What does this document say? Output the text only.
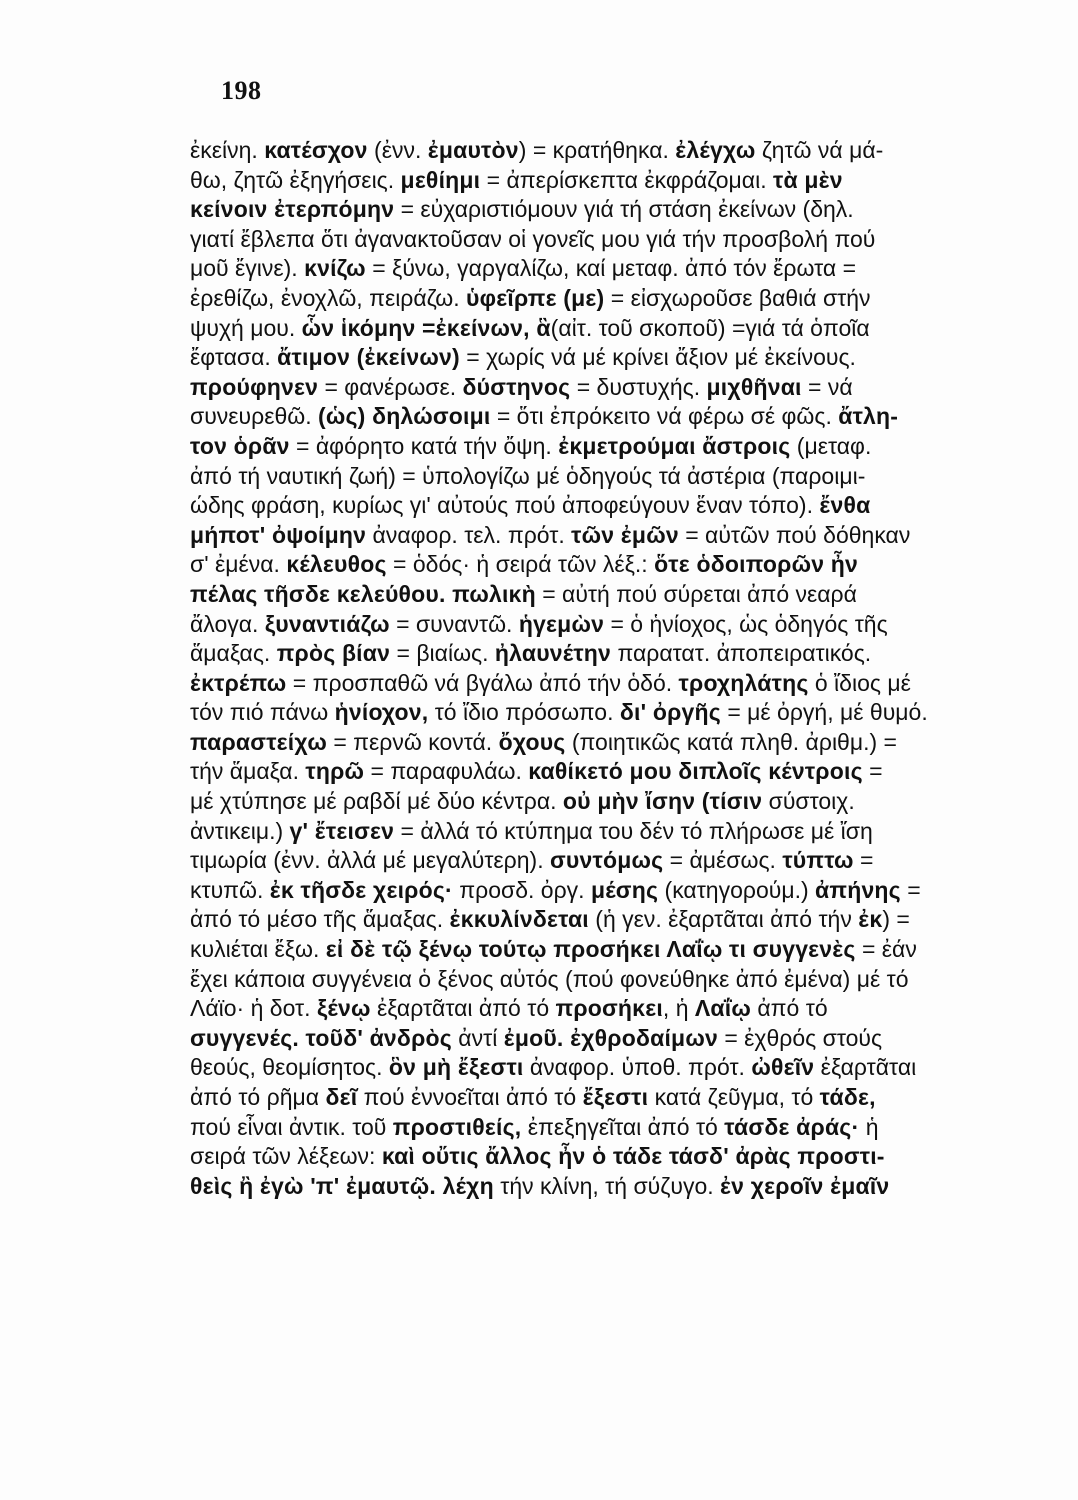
198
ἐκείνη. κατέσχον (ἐνν. ἐμαυτὸν) = κρατήθηκα. ἐλέγχω ζητῶ νά μά-
θω, ζητῶ ἐξηγήσεις. μεθίημι = ἀπερίσκεπτα ἐκφράζομαι. τὰ μὲν
κείνοιν ἐτερπόμην = εὐχαριστιόμουν γιά τή στάση ἐκείνων (δηλ.
γιατί ἔβλεπα ὅτι ἀγανακτοῦσαν οἱ γονεῖς μου γιά τήν προσβολή πού
μοῦ ἔγινε). κνίζω = ξύνω, γαργαλίζω, καί μεταφ. ἀπό τόν ἔρωτα =
ἐρεθίζω, ἐνοχλῶ, πειράζω. ὑφεῖρπε (με) = εἰσχωροῦσε βαθιά στήν
ψυχή μου. ὧν ἱκόμην =ἐκείνων, ἃ(αἰτ. τοῦ σκοποῦ) =γιά τά ὁποῖα
ἔφτασα. ἄτιμον (ἐκείνων) = χωρίς νά μέ κρίνει ἄξιον μέ ἐκείνους.
προύφηνεν = φανέρωσε. δύστηνος = δυστυχής. μιχθῆναι = νά
συνευρεθῶ. (ὡς) δηλώσοιμι = ὅτι ἐπρόκειτο νά φέρω σέ φῶς. ἄτλη-
τον ὁρᾶν = ἀφόρητο κατά τήν ὄψη. ἐκμετρούμαι ἄστροις (μεταφ.
ἀπό τή ναυτική ζωή) = ὑπολογίζω μέ ὁδηγούς τά ἀστέρια (παροιμι-
ώδης φράση, κυρίως γι' αὐτούς πού ἀποφεύγουν ἕναν τόπο). ἔνθα
μήποτ' ὀψοίμην ἀναφορ. τελ. πρότ. τῶν ἐμῶν = αὐτῶν πού δόθηκαν
σ' ἐμένα. κέλευθος = ὁδός· ἡ σειρά τῶν λέξ.: ὅτε ὁδοιπορῶν ἦν
πέλας τῆσδε κελεύθου. πωλικὴ = αὐτή πού σύρεται ἀπό νεαρά
ἄλογα. ξυναντιάζω = συναντῶ. ἡγεμὼν = ὁ ἡνίοχος, ὡς ὁδηγός τῆς
ἅμαξας. πρὸς βίαν = βιαίως. ἠλαυνέτην παρατατ. ἀποπειρατικός.
ἐκτρέπω = προσπαθῶ νά βγάλω ἀπό τήν ὁδό. τροχηλάτης ὁ ἴδιος μέ
τόν πιό πάνω ἡνίοχον, τό ἴδιο πρόσωπο. δι' ὀργῆς = μέ ὀργή, μέ θυμό.
παραστείχω = περνῶ κοντά. ὄχους (ποιητικῶς κατά πληθ. ἀριθμ.) =
τήν ἅμαξα. τηρῶ = παραφυλάω. καθίκετό μου διπλοῖς κέντροις =
μέ χτύπησε μέ ραβδί μέ δύο κέντρα. οὐ μὴν ἴσην (τίσιν σύστοιχ.
ἀντικειμ.) γ' ἔτεισεν = ἀλλά τό κτύπημα του δέν τό πλήρωσε μέ ἴση
τιμωρία (ἐνν. ἀλλά μέ μεγαλύτερη). συντόμως = ἀμέσως. τύπτω =
κτυπῶ. ἐκ τῆσδε χειρός· προσδ. ὀργ. μέσης (κατηγορούμ.) ἀπήνης =
ἀπό τό μέσο τῆς ἅμαξας. ἐκκυλίνδεται (ἡ γεν. ἐξαρτᾶται ἀπό τήν ἐκ) =
κυλιέται ἔξω. εἰ δὲ τῷ ξένῳ τούτῳ προσήκει Λαΐῳ τι συγγενὲς = ἐάν
ἔχει κάποια συγγένεια ὁ ξένος αὐτός (πού φονεύθηκε ἀπό ἐμένα) μέ τό
Λάϊο· ἡ δοτ. ξένῳ ἐξαρτᾶται ἀπό τό προσήκει, ἡ Λαΐῳ ἀπό τό
συγγενές. τοῦδ' ἀνδρὸς ἀντί ἐμοῦ. ἐχθροδαίμων = ἐχθρός στούς
θεούς, θεομίσητος. ὃν μὴ ἔξεστι ἀναφορ. ὑποθ. πρότ. ὠθεῖν ἐξαρτᾶται
ἀπό τό ρῆμα δεῖ πού ἐννοεῖται ἀπό τό ἔξεστι κατά ζεῦγμα, τό τάδε,
πού εἶναι ἀντικ. τοῦ προστιθείς, ἐπεξηγεῖται ἀπό τό τάσδε ἀράς· ἡ
σειρά τῶν λέξεων: καὶ οὔτις ἄλλος ἦν ὁ τάδε τάσδ' ἀρὰς προστι-
θεὶς ἢ ἐγὼ 'π' ἐμαυτῷ. λέχη τήν κλίνη, τή σύζυγο. ἐν χεροῖν ἐμαῖν
